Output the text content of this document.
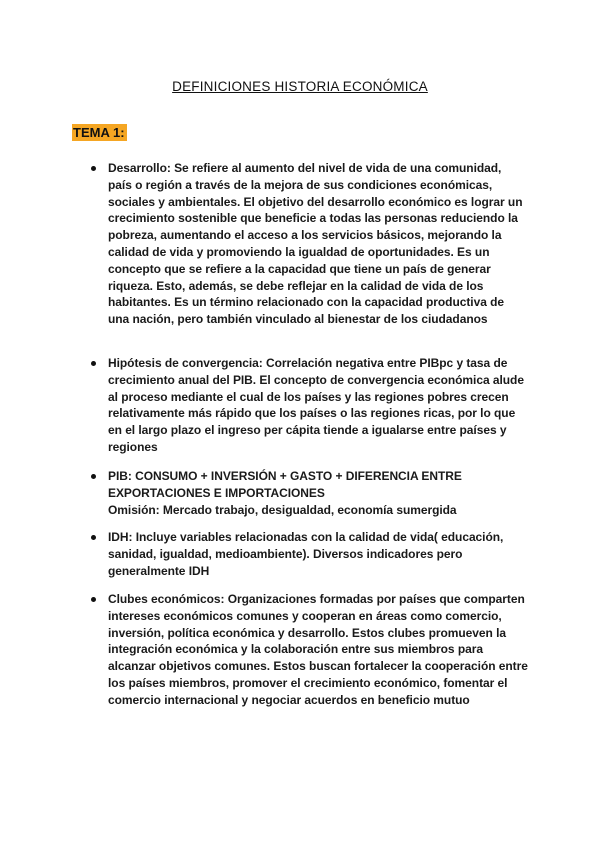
DEFINICIONES HISTORIA ECONÓMICA
TEMA 1:
Desarrollo: Se refiere al aumento del nivel de vida de una comunidad, país o región a través de la mejora de sus condiciones económicas, sociales y ambientales. El objetivo del desarrollo económico es lograr un crecimiento sostenible que beneficie a todas las personas reduciendo la pobreza, aumentando el acceso a los servicios básicos, mejorando la calidad de vida y promoviendo la igualdad de oportunidades. Es un concepto que se refiere a la capacidad que tiene un país de generar riqueza. Esto, además, se debe reflejar en la calidad de vida de los habitantes. Es un término relacionado con la capacidad productiva de una nación, pero también vinculado al bienestar de los ciudadanos
Hipótesis de convergencia: Correlación negativa entre PIBpc y tasa de crecimiento anual del PIB. El concepto de convergencia económica alude al proceso mediante el cual de los países y las regiones pobres crecen relativamente más rápido que los países o las regiones ricas, por lo que en el largo plazo el ingreso per cápita tiende a igualarse entre países y regiones
PIB: CONSUMO + INVERSIÓN + GASTO + DIFERENCIA ENTRE EXPORTACIONES E IMPORTACIONES
Omisión: Mercado trabajo, desigualdad, economía sumergida
IDH: Incluye variables relacionadas con la calidad de vida( educación, sanidad, igualdad, medioambiente). Diversos indicadores pero generalmente IDH
Clubes económicos: Organizaciones formadas por países que comparten intereses económicos comunes y cooperan en áreas como comercio, inversión, política económica y desarrollo. Estos clubes promueven la integración económica y la colaboración entre sus miembros para alcanzar objetivos comunes. Estos buscan fortalecer la cooperación entre los países miembros, promover el crecimiento económico, fomentar el comercio internacional y negociar acuerdos en beneficio mutuo
